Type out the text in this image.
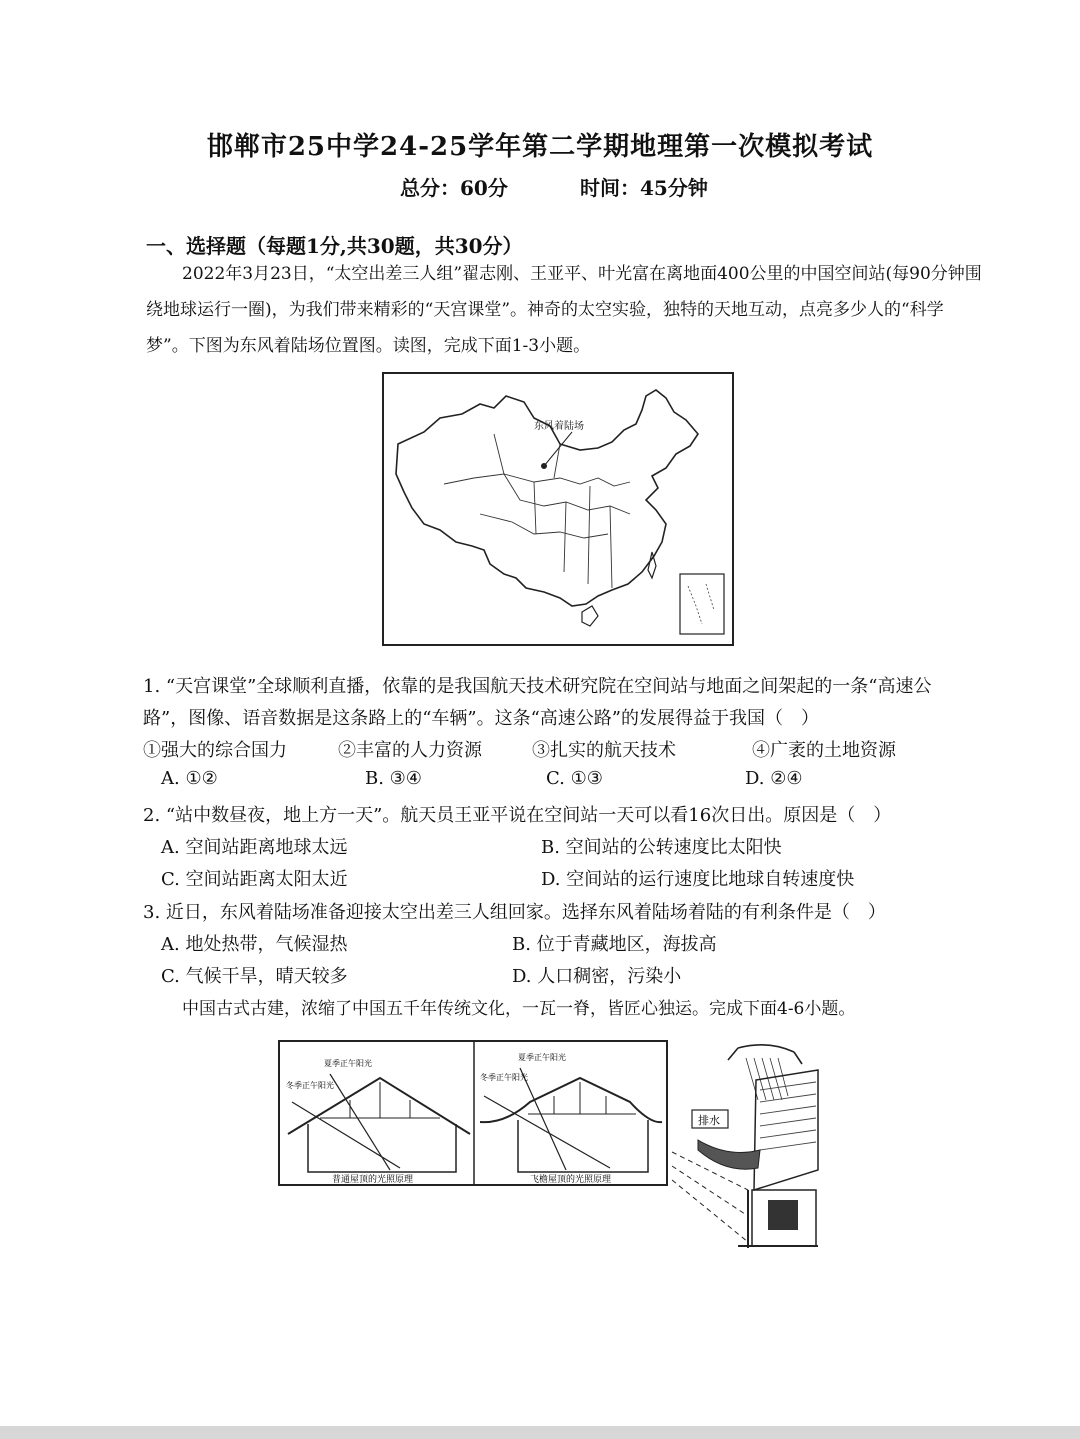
邯郸市25中学24-25学年第二学期地理第一次模拟考试
总分：60分	时间：45分钟
一、选择题（每题1分,共30题，共30分）
2022年3月23日，“太空出差三人组”翟志刚、王亚平、叶光富在离地面400公里的中国空间站(每90分钟围绕地球运行一圈)，为我们带来精彩的“天宫课堂”。神奇的太空实验，独特的天地互动，点亮多少人的“科学梦”。下图为东风着陆场位置图。读图，完成下面1-3小题。
东风着陆场
1. “天宫课堂”全球顺利直播，依靠的是我国航天技术研究院在空间站与地面之间架起的一条“高速公
路”，图像、语音数据是这条路上的“车辆”。这条“高速公路”的发展得益于我国（　）
①强大的综合国力	②丰富的人力资源	③扎实的航天技术	④广袤的土地资源
A. ①②	B. ③④	C. ①③	D. ②④
2. “站中数昼夜，地上方一天”。航天员王亚平说在空间站一天可以看16次日出。原因是（　）
A. 空间站距离地球太远	B. 空间站的公转速度比太阳快
C. 空间站距离太阳太近	D. 空间站的运行速度比地球自转速度快
3. 近日，东风着陆场准备迎接太空出差三人组回家。选择东风着陆场着陆的有利条件是（　）
A. 地处热带，气候湿热	B. 位于青藏地区，海拔高
C. 气候干旱，晴天较多	D. 人口稠密，污染小
中国古式古建，浓缩了中国五千年传统文化，一瓦一脊，皆匠心独运。完成下面4-6小题。
夏季正午阳光
冬季正午阳光
普通屋顶的光照原理
夏季正午阳光
冬季正午阳光
飞檐屋顶的光照原理
排水
